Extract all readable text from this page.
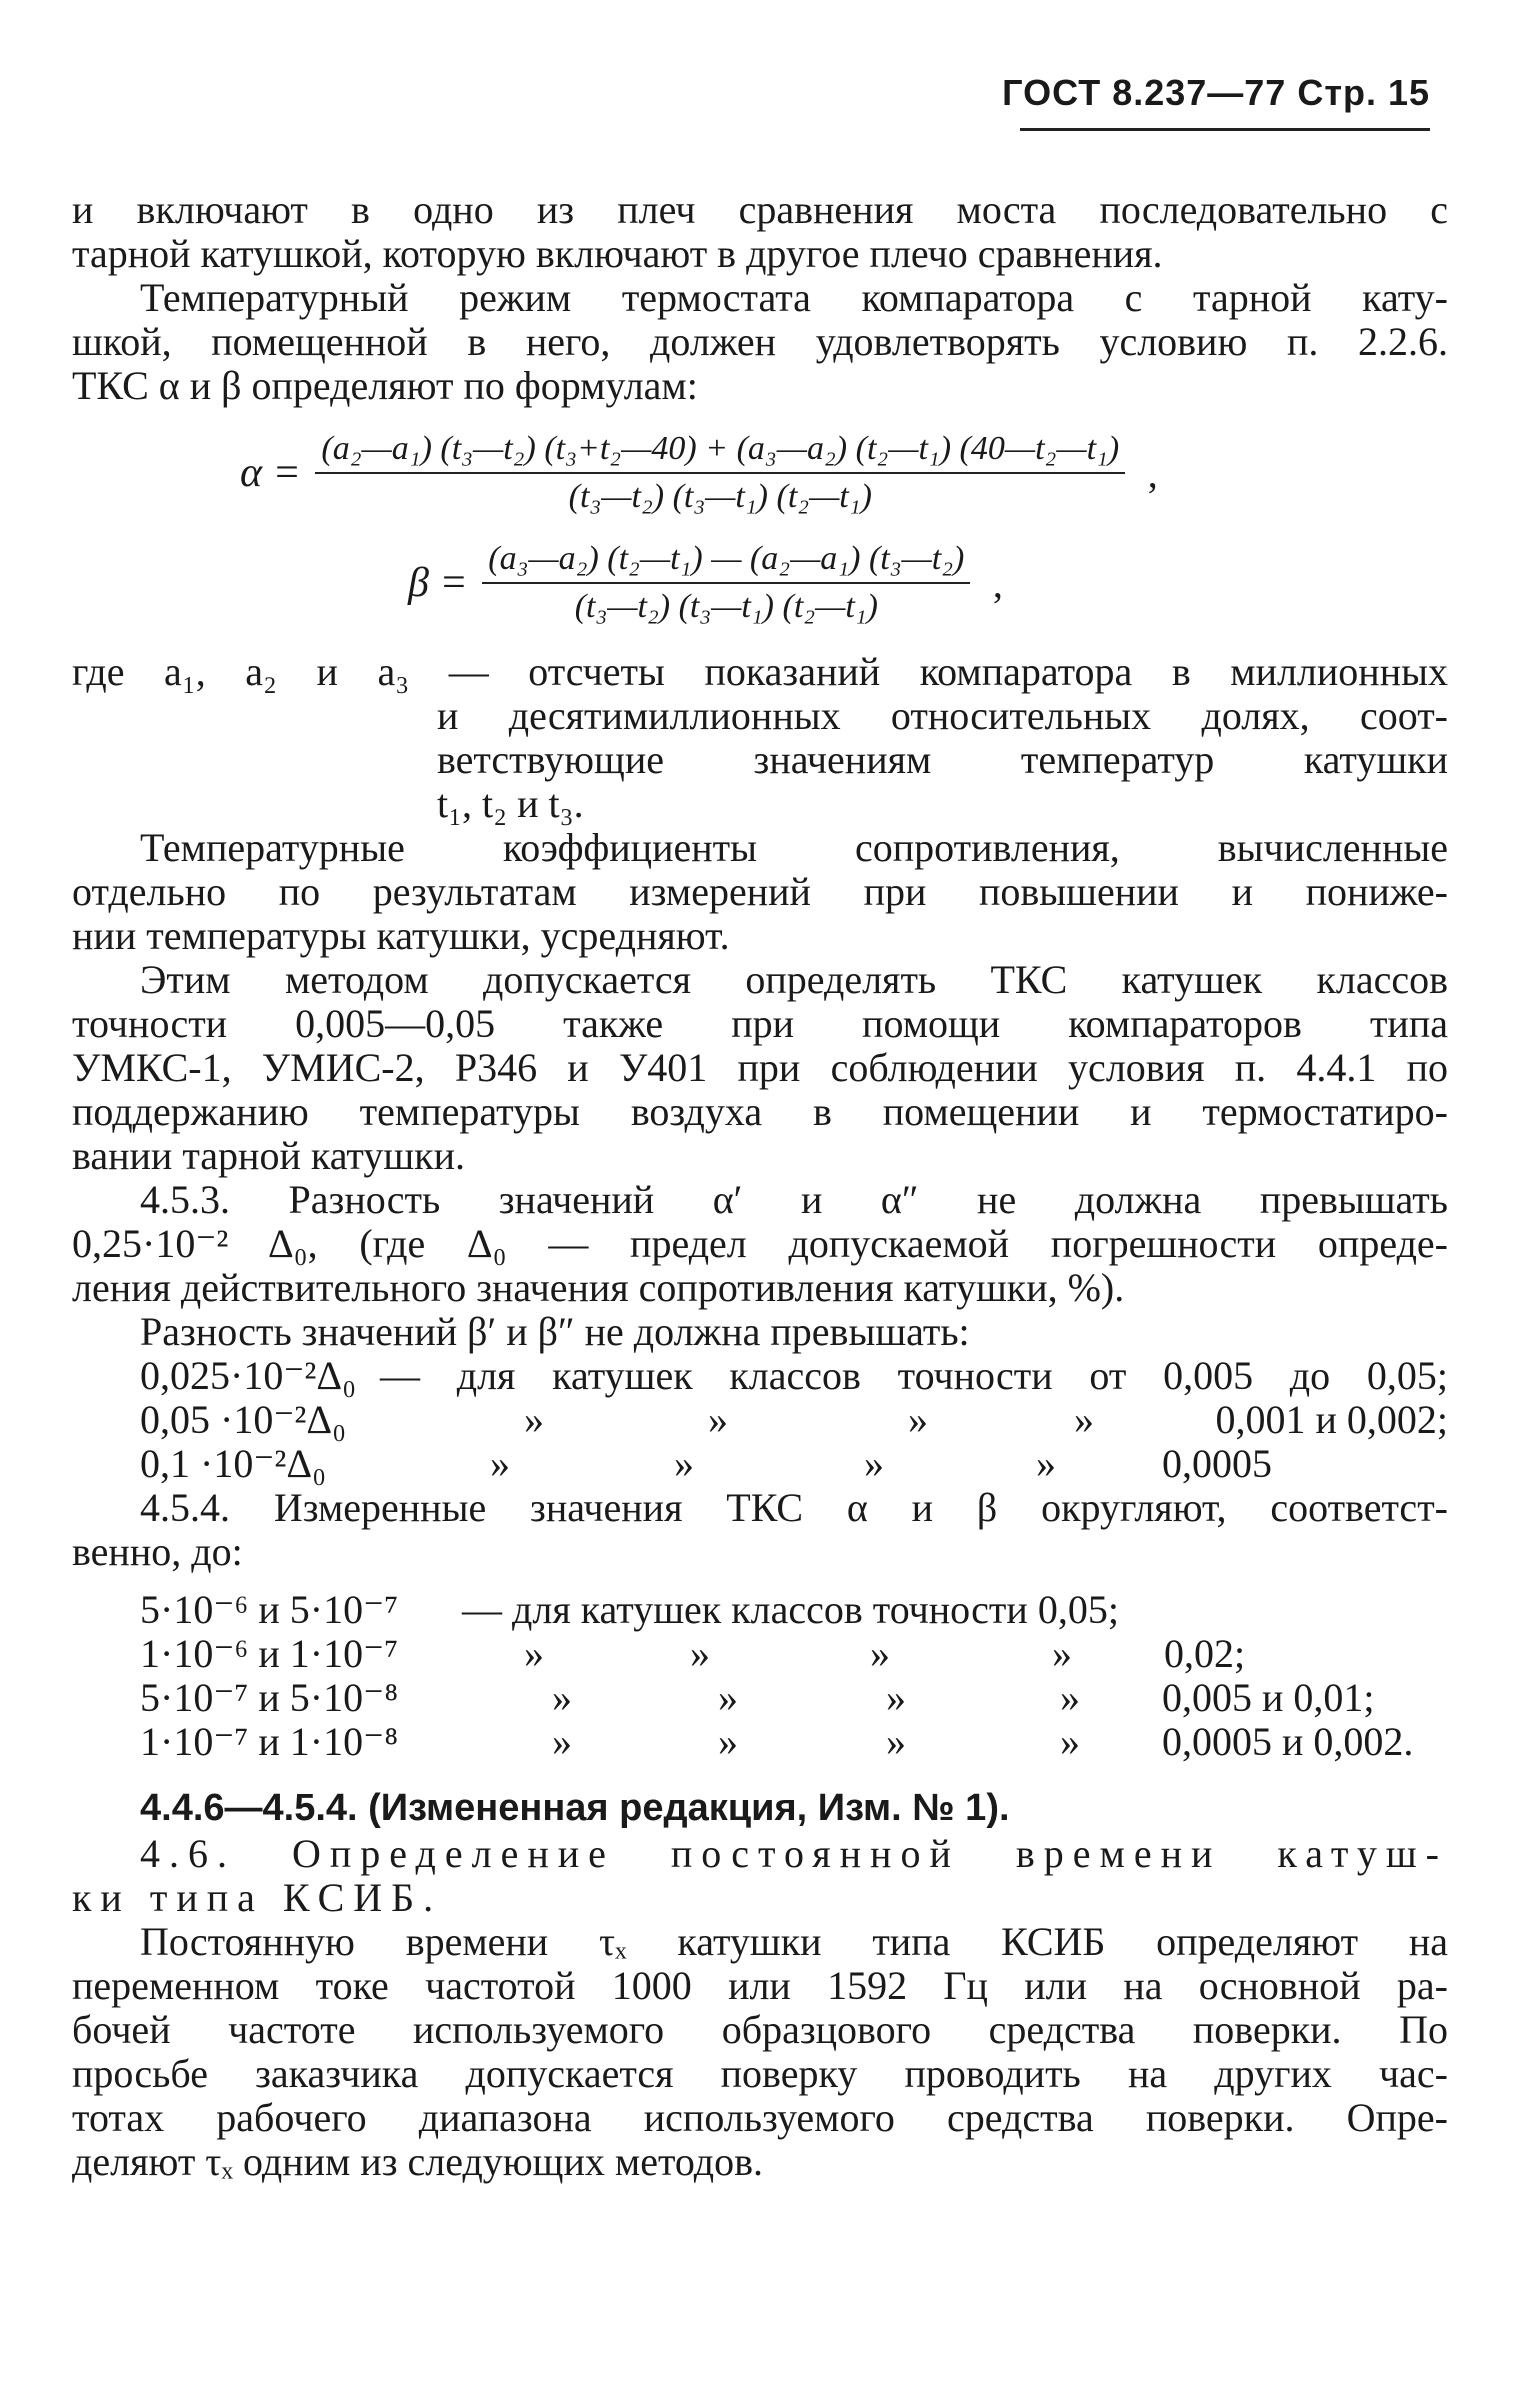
ГОСТ 8.237—77 Стр. 15
и включают в одно из плеч сравнения моста последовательно с
тарной катушкой, которую включают в другое плечо сравнения.
Температурный режим термостата компаратора с тарной кату-
шкой, помещенной в него, должен удовлетворять условию п. 2.2.6.
ТКС α и β определяют по формулам:
$\alpha = \frac{\text{(a₂—a₁) (t₃—t₂) (t₃+t₂—40) + (a₃—a₂) (t₂—t₁) (40—t₂—t₁)}}{\text{(t₃—t₂) (t₃—t₁) (t₂—t₁)}}$ ,
$\beta = \frac{\text{(a₃—a₂) (t₂—t₁) — (a₂—a₁) (t₃—t₂)}}{\text{(t₃—t₂) (t₃—t₁) (t₂—t₁)}}$ ,
где a₁, a₂ и a₃ — отсчеты показаний компаратора в миллионных
и десятимиллионных относительных долях, соот-
ветствующие значениям температур катушки
t₁, t₂ и t₃.
Температурные коэффициенты сопротивления, вычисленные
отдельно по результатам измерений при повышении и пониже-
нии температуры катушки, усредняют.
Этим методом допускается определять ТКС катушек классов
точности 0,005—0,05 также при помощи компараторов типа
УМКС-1, УМИС-2, Р346 и У401 при соблюдении условия п. 4.4.1 по
поддержанию температуры воздуха в помещении и термостатиро-
вании тарной катушки.
4.5.3. Разность значений α′ и α″ не должна превышать
0,25·10⁻² Δ₀, (где Δ₀ — предел допускаемой погрешности опреде-
ления действительного значения сопротивления катушки, %).
Разность значений β′ и β″ не должна превышать:
0,025·10⁻²Δ₀ — для катушек классов точности от 0,005 до 0,05;
0,05 ·10⁻²Δ₀	»	»	»	»	0,001 и 0,002;
0,1 ·10⁻²Δ₀	»	»	»	»	0,0005
4.5.4. Измеренные значения ТКС α и β округляют, соответст-
венно, до:
5·10⁻⁶ и 5·10⁻⁷ — для катушек классов точности 0,05;
1·10⁻⁶ и 1·10⁻⁷	»	»	»	» 0,02;
5·10⁻⁷ и 5·10⁻⁸	»	»	»	» 0,005 и 0,01;
1·10⁻⁷ и 1·10⁻⁸	»	»	»	» 0,0005 и 0,002.
4.4.6—4.5.4. (Измененная редакция, Изм. № 1).
4.6. Определение постоянной времени катуш-
ки типа КСИБ.
Постоянную времени τₓ катушки типа КСИБ определяют на
переменном токе частотой 1000 или 1592 Гц или на основной ра-
бочей частоте используемого образцового средства поверки. По
просьбе заказчика допускается поверку проводить на других час-
тотах рабочего диапазона используемого средства поверки. Опре-
деляют τₓ одним из следующих методов.
